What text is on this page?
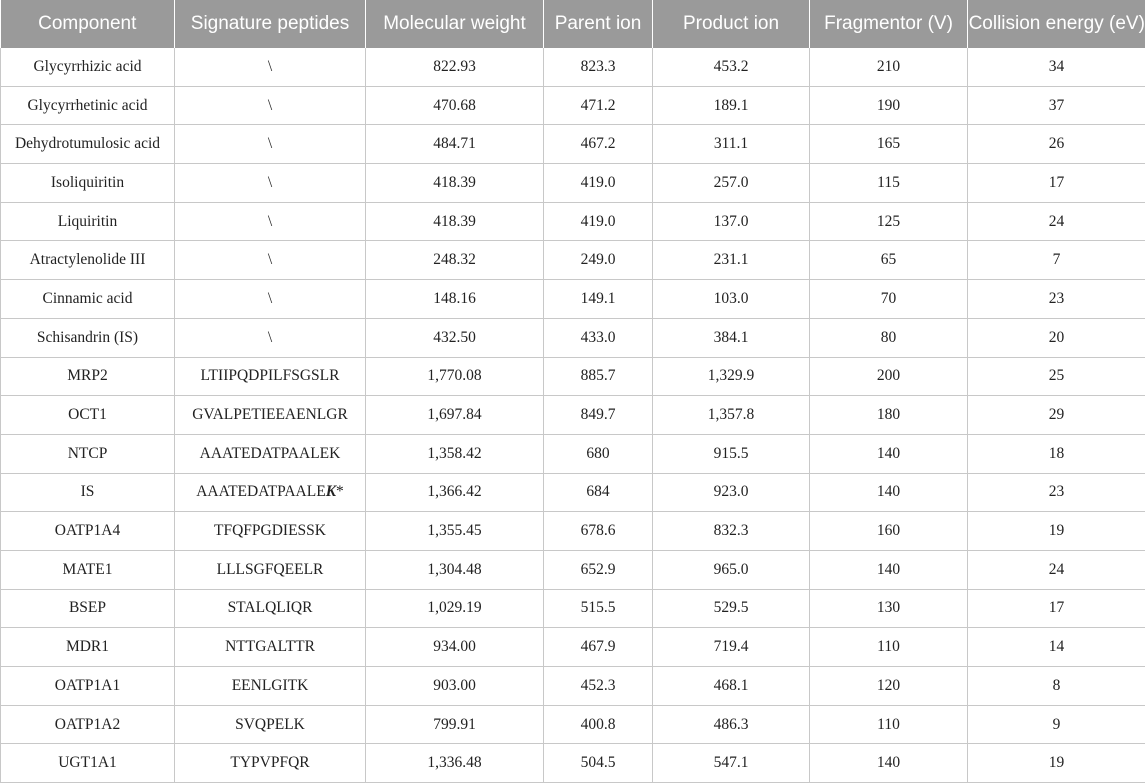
Component	Signature peptides	Molecular weight	Parent ion	Product ion	Fragmentor (V)	Collision energy (eV)
Glycyrrhizic acid	\	822.93	823.3	453.2	210	34
Glycyrrhetinic acid	\	470.68	471.2	189.1	190	37
Dehydrotumulosic acid	\	484.71	467.2	311.1	165	26
Isoliquiritin	\	418.39	419.0	257.0	115	17
Liquiritin	\	418.39	419.0	137.0	125	24
Atractylenolide III	\	248.32	249.0	231.1	65	7
Cinnamic acid	\	148.16	149.1	103.0	70	23
Schisandrin (IS)	\	432.50	433.0	384.1	80	20
MRP2	LTIIPQDPILFSGSLR	1,770.08	885.7	1,329.9	200	25
OCT1	GVALPETIEEAENLGR	1,697.84	849.7	1,357.8	180	29
NTCP	AAATEDATPAALEK	1,358.42	680	915.5	140	18
IS	AAATEDATPAALEK*	1,366.42	684	923.0	140	23
OATP1A4	TFQFPGDIESSK	1,355.45	678.6	832.3	160	19
MATE1	LLLSGFQEELR	1,304.48	652.9	965.0	140	24
BSEP	STALQLIQR	1,029.19	515.5	529.5	130	17
MDR1	NTTGALTTR	934.00	467.9	719.4	110	14
OATP1A1	EENLGITK	903.00	452.3	468.1	120	8
OATP1A2	SVQPELK	799.91	400.8	486.3	110	9
UGT1A1	TYPVPFQR	1,336.48	504.5	547.1	140	19
